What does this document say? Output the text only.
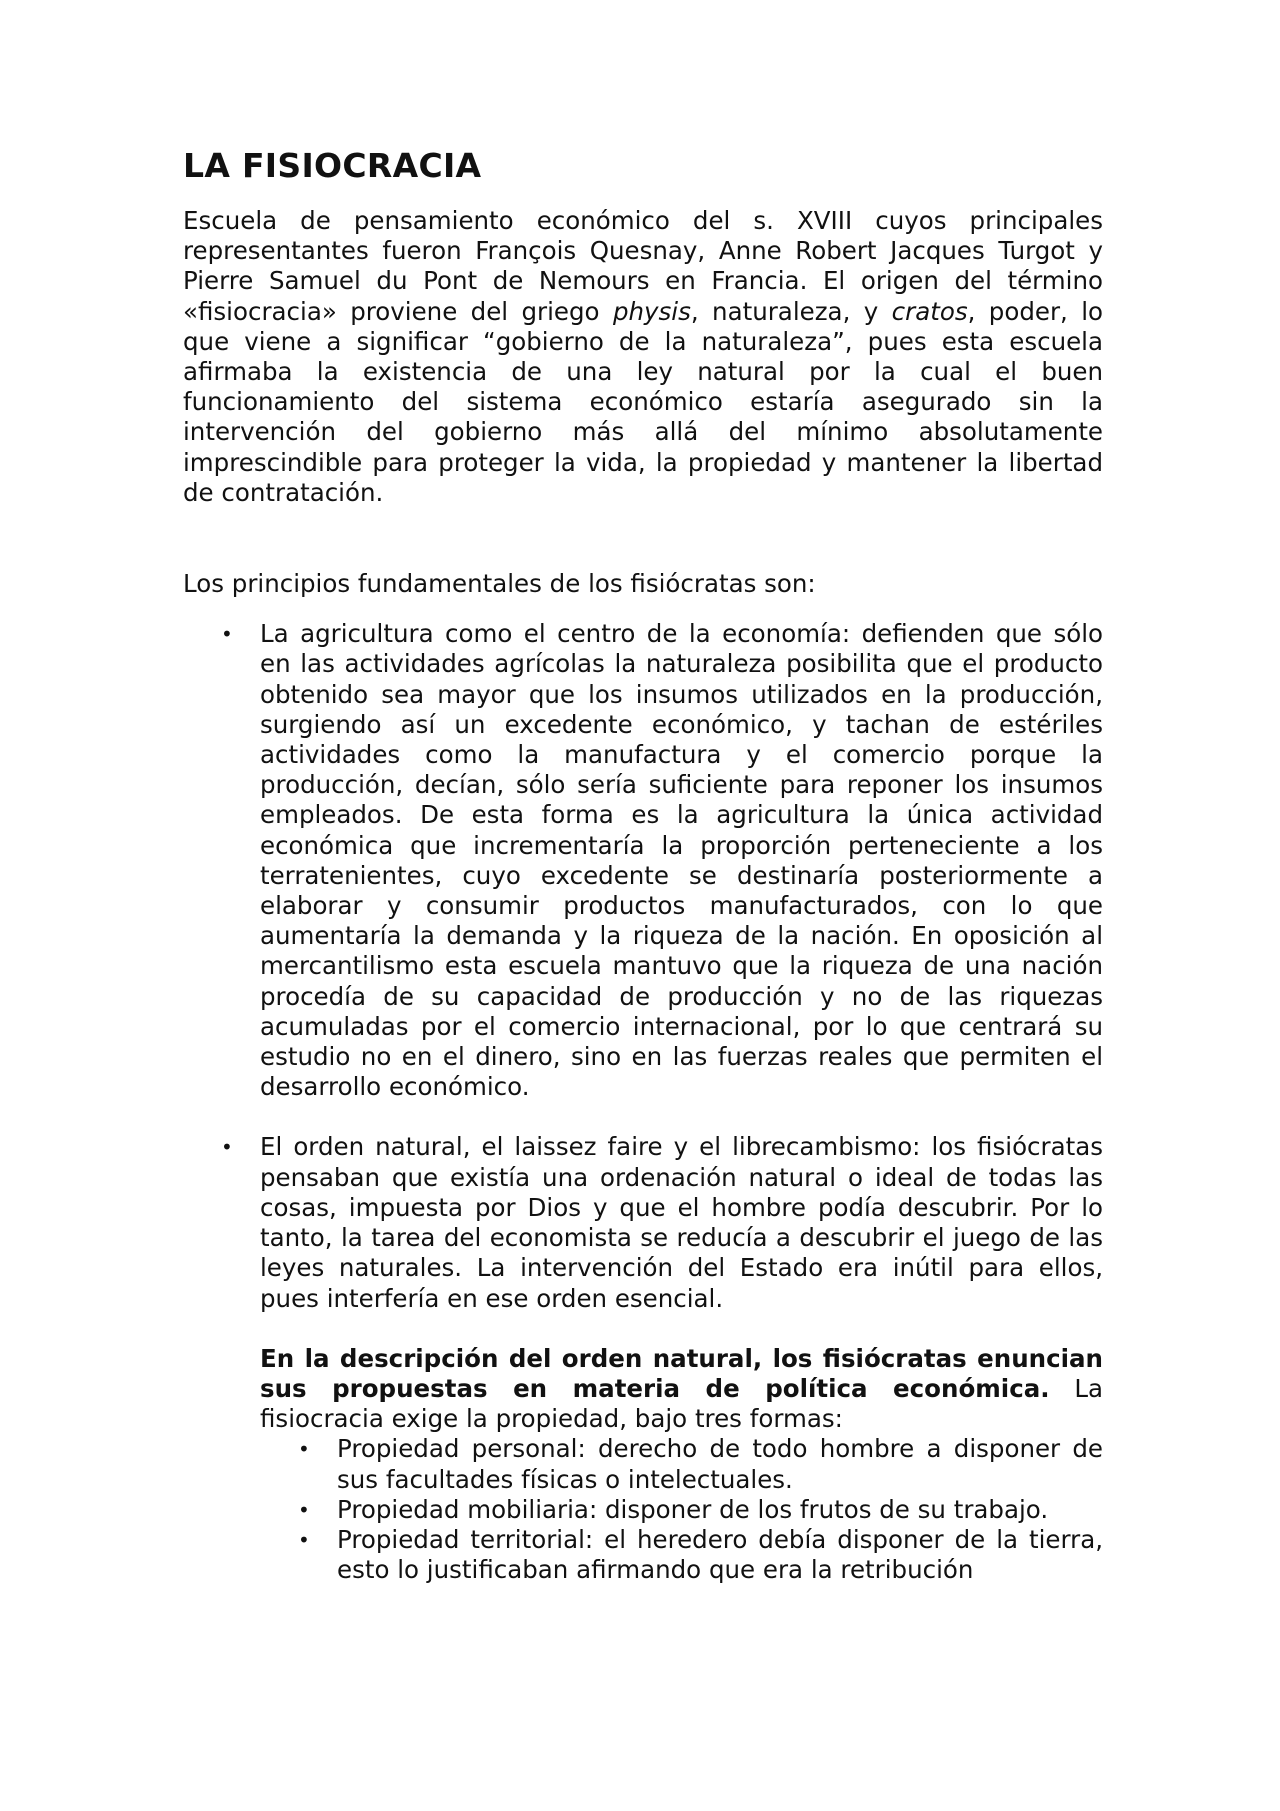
LA FISIOCRACIA

Escuela de pensamiento económico del s. XVIII cuyos principales representantes fueron François Quesnay, Anne Robert Jacques Turgot y Pierre Samuel du Pont de Nemours en Francia. El origen del término «fisiocracia» proviene del griego physis, naturaleza, y cratos, poder, lo que viene a significar “gobierno de la naturaleza”, pues esta escuela afirmaba la existencia de una ley natural por la cual el buen funcionamiento del sistema económico estaría asegurado sin la intervención del gobierno más allá del mínimo absolutamente imprescindible para proteger la vida, la propiedad y mantener la libertad de contratación.

Los principios fundamentales de los fisiócratas son:

• La agricultura como el centro de la economía: defienden que sólo en las actividades agrícolas la naturaleza posibilita que el producto obtenido sea mayor que los insumos utilizados en la producción, surgiendo así un excedente económico, y tachan de estériles actividades como la manufactura y el comercio porque la producción, decían, sólo sería suficiente para reponer los insumos empleados. De esta forma es la agricultura la única actividad económica que incrementaría la proporción perteneciente a los terratenientes, cuyo excedente se destinaría posteriormente a elaborar y consumir productos manufacturados, con lo que aumentaría la demanda y la riqueza de la nación. En oposición al mercantilismo esta escuela mantuvo que la riqueza de una nación procedía de su capacidad de producción y no de las riquezas acumuladas por el comercio internacional, por lo que centrará su estudio no en el dinero, sino en las fuerzas reales que permiten el desarrollo económico.

• El orden natural, el laissez faire y el librecambismo: los fisiócratas pensaban que existía una ordenación natural o ideal de todas las cosas, impuesta por Dios y que el hombre podía descubrir. Por lo tanto, la tarea del economista se reducía a descubrir el juego de las leyes naturales. La intervención del Estado era inútil para ellos, pues interfería en ese orden esencial.

En la descripción del orden natural, los fisiócratas enuncian sus propuestas en materia de política económica. La fisiocracia exige la propiedad, bajo tres formas:

• Propiedad personal: derecho de todo hombre a disponer de sus facultades físicas o intelectuales.
• Propiedad mobiliaria: disponer de los frutos de su trabajo.
• Propiedad territorial: el heredero debía disponer de la tierra, esto lo justificaban afirmando que era la retribución
